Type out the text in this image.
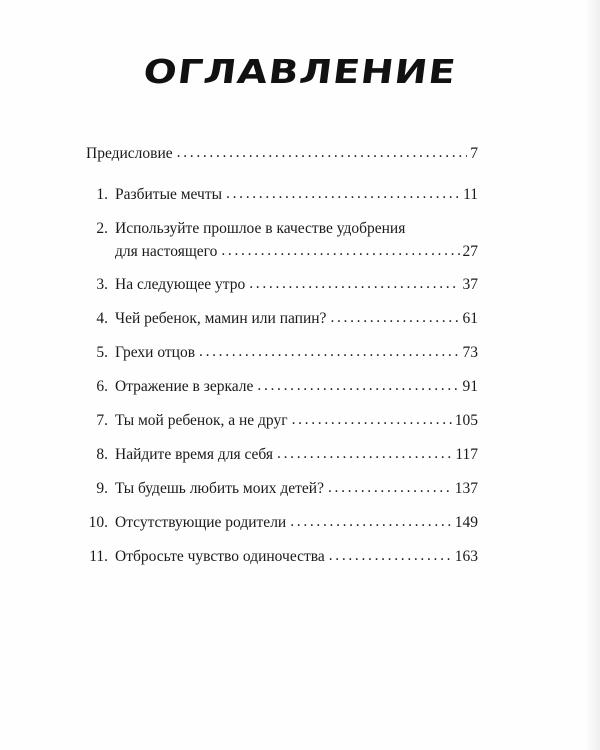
ОГЛАВЛЕНИЕ
Предисловие . . .	7
1. Разбитые мечты . . .	11
2. Используйте прошлое в качестве удобрения
для настоящего . . .	27
3. На следующее утро . . .	37
4. Чей ребенок, мамин или папин? . . .	61
5. Грехи отцов . . .	73
6. Отражение в зеркале . . .	91
7. Ты мой ребенок, а не друг . . .	105
8. Найдите время для себя . . .	117
9. Ты будешь любить моих детей? . . .	137
10. Отсутствующие родители . . .	149
11. Отбросьте чувство одиночества . . .	163
